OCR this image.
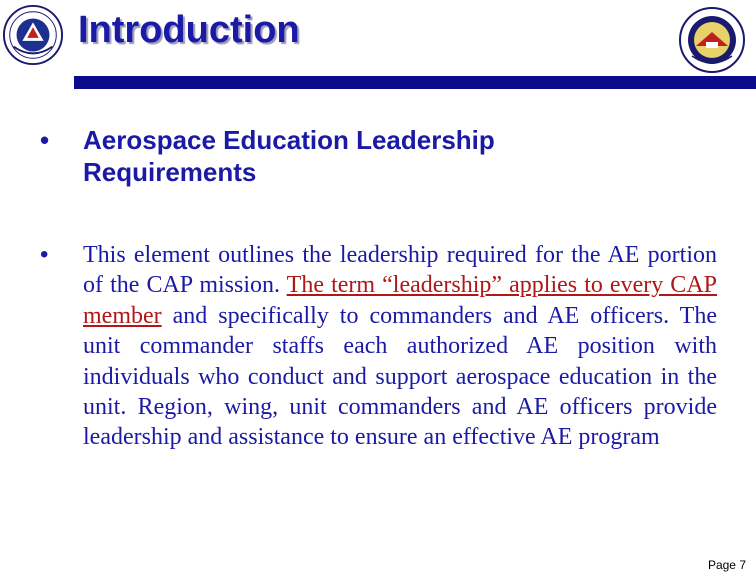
Introduction
• Aerospace Education Leadership Requirements
• This element outlines the leadership required for the AE portion of the CAP mission. The term “leadership” applies to every CAP member and specifically to commanders and AE officers. The unit commander staffs each authorized AE position with individuals who conduct and support aerospace education in the unit. Region, wing, unit commanders and AE officers provide leadership and assistance to ensure an effective AE program
Page 7
